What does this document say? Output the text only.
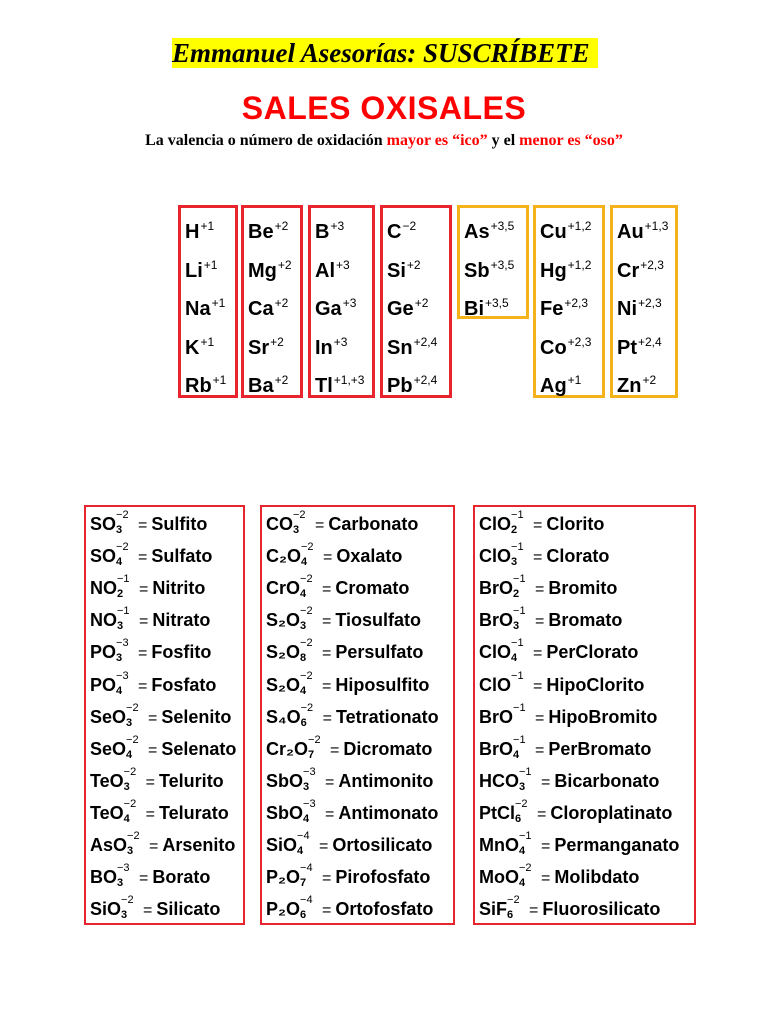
Emmanuel Asesorías: SUSCRÍBETE
SALES OXISALES
La valencia o número de oxidación mayor es “ico” y el menor es “oso”
$H^{+1}$
$Li^{+1}$
$Na^{+1}$
$K^{+1}$
$Rb^{+1}$
$Be^{+2}$
$Mg^{+2}$
$Ca^{+2}$
$Sr^{+2}$
$Ba^{+2}$
$B^{+3}$
$Al^{+3}$
$Ga^{+3}$
$In^{+3}$
$Tl^{+1,+3}$
$C^{-2}$
$Si^{+2}$
$Ge^{+2}$
$Sn^{+2,4}$
$Pb^{+2,4}$
$As^{+3,5}$
$Sb^{+3,5}$
$Bi^{+3,5}$
$Cu^{+1,2}$
$Hg^{+1,2}$
$Fe^{+2,3}$
$Co^{+2,3}$
$Ag^{+1}$
$Au^{+1,3}$
$Cr^{+2,3}$
$Ni^{+2,3}$
$Pt^{+2,4}$
$Zn^{+2}$
SO −2
3 = Sulfito
SO −2
4 = Sulfato
NO −1
2 = Nitrito
NO −1
3 = Nitrato
PO −3
3 = Fosfito
PO −3
4 = Fosfato
SeO −2
3 = Selenito
SeO −2
4 = Selenato
TeO −2
3 = Telurito
TeO −2
4 = Telurato
AsO −2
3 = Arsenito
BO −3
3 = Borato
SiO −2
3 = Silicato
CO −2
3 = Carbonato
C₂O −2
4 = Oxalato
CrO −2
4 = Cromato
S₂O −2
3 = Tiosulfato
S₂O −2
8 = Persulfato
S₂O −2
4 = Hiposulfito
S₄O −2
6 = Tetrationato
Cr₂O −2
7 = Dicromato
SbO −3
3 = Antimonito
SbO −3
4 = Antimonato
SiO −4
4 = Ortosilicato
P₂O −4
7 = Pirofosfato
P₂O −4
6 = Ortofosfato
ClO −1
2 = Clorito
ClO −1
3 = Clorato
BrO −1
2 = Bromito
BrO −1
3 = Bromato
ClO −1
4 = PerClorato
ClO −1
= HipoClorito
BrO −1
= HipoBromito
BrO −1
4 = PerBromato
HCO −1
3 = Bicarbonato
PtCl −2
6 = Cloroplatinato
MnO −1
4 = Permanganato
MoO −2
4 = Molibdato
SiF −2
6 = Fluorosilicato
